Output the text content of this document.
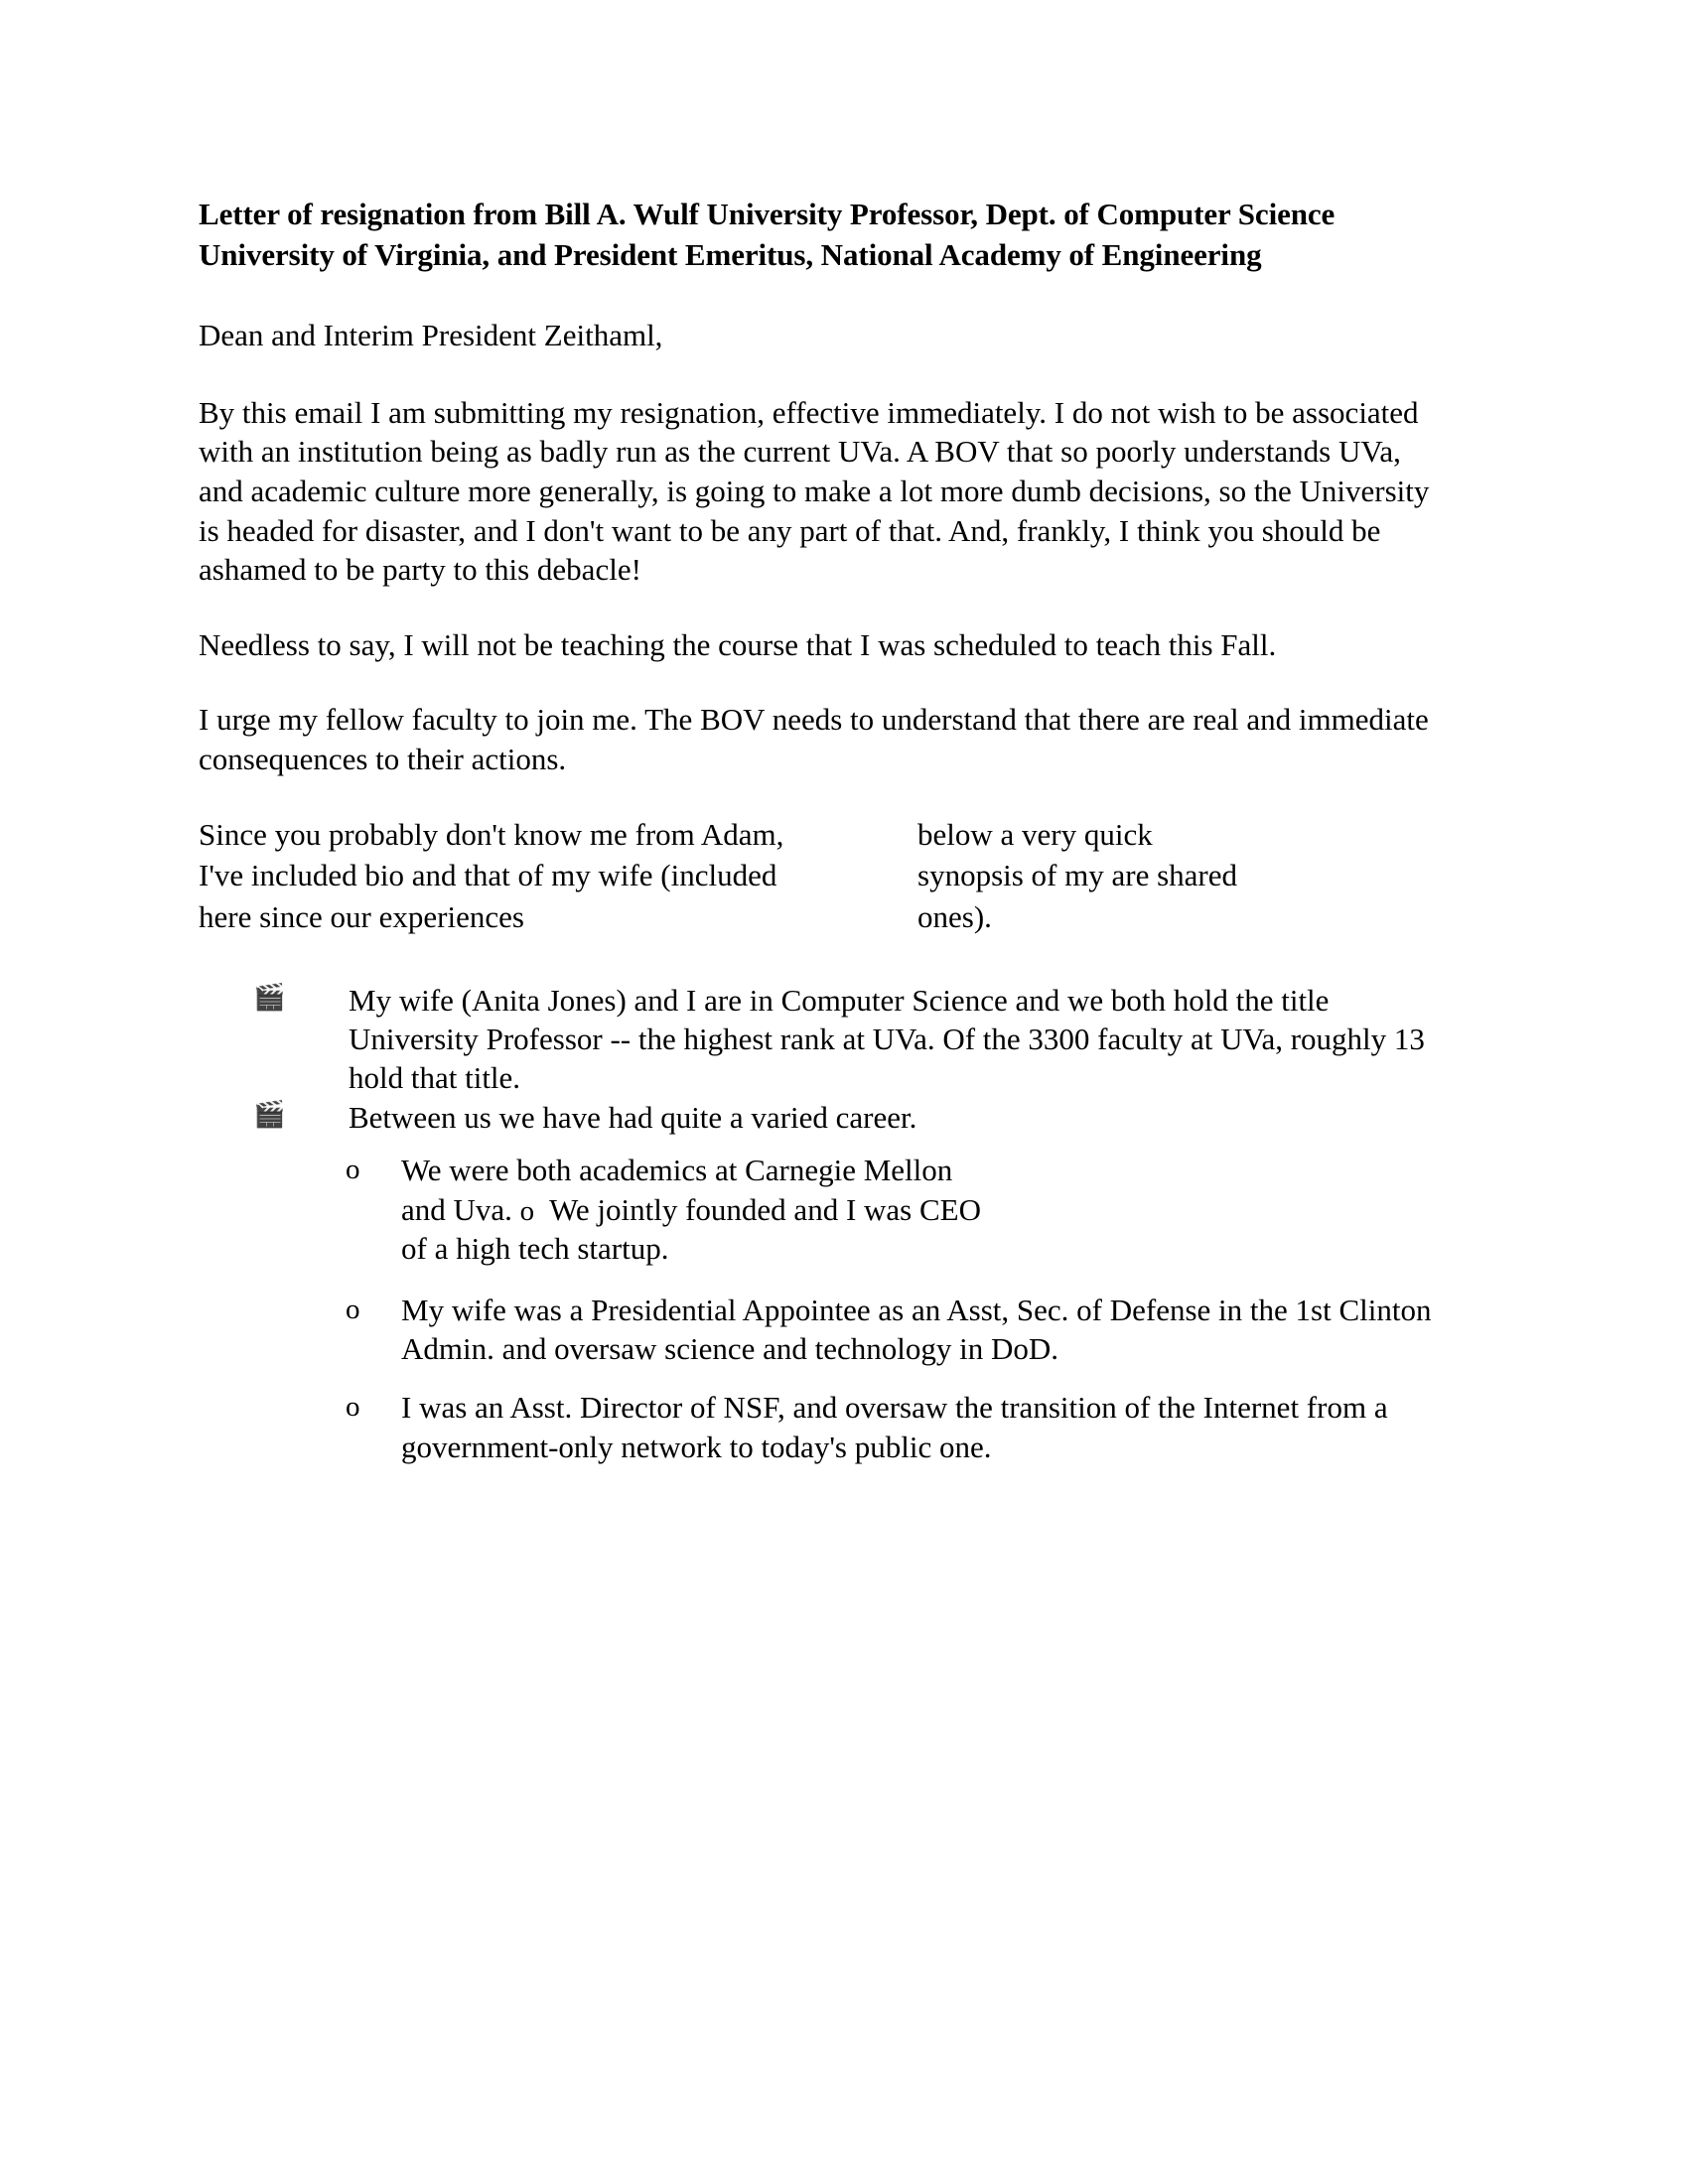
Letter of resignation from Bill A. Wulf University Professor, Dept. of Computer Science University of Virginia, and President Emeritus, National Academy of Engineering

Dean and Interim President Zeithaml,

By this email I am submitting my resignation, effective immediately. I do not wish to be associated with an institution being as badly run as the current UVa. A BOV that so poorly understands UVa, and academic culture more generally, is going to make a lot more dumb decisions, so the University is headed for disaster, and I don't want to be any part of that. And, frankly, I think you should be ashamed to be party to this debacle!

Needless to say, I will not be teaching the course that I was scheduled to teach this Fall.

I urge my fellow faculty to join me. The BOV needs to understand that there are real and immediate consequences to their actions.

Since you probably don't know me from Adam,
I've included bio and that of my wife (included
here since our experiences
below a very quick
synopsis of my are shared
ones).
🎬 My wife (Anita Jones) and I are in Computer Science and we both hold the title University Professor -- the highest rank at UVa. Of the 3300 faculty at UVa, roughly 13 hold that title.
🎬 Between us we have had quite a varied career.
o We were both academics at Carnegie Mellon
and Uva. o We jointly founded and I was CEO
of a high tech startup.
o My wife was a Presidential Appointee as an Asst, Sec. of Defense in the 1st Clinton Admin. and oversaw science and technology in DoD.
o I was an Asst. Director of NSF, and oversaw the transition of the Internet from a government-only network to today's public one.
